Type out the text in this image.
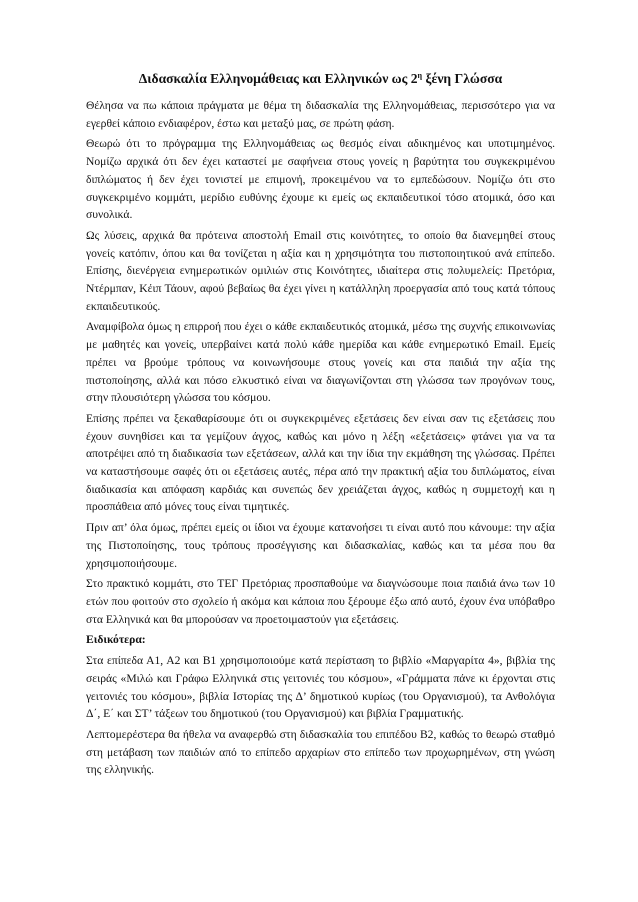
Διδασκαλία Ελληνομάθειας και Ελληνικών ως $2^\eta$ ξένη Γλώσσα

Θέλησα να πω κάποια πράγματα με θέμα τη διδασκαλία της Ελληνομάθειας, περισσότερο για να εγερθεί κάποιο ενδιαφέρον, έστω και μεταξύ μας, σε πρώτη φάση.

Θεωρώ ότι το πρόγραμμα της Ελληνομάθειας ως θεσμός είναι αδικημένος και υποτιμημένος. Νομίζω αρχικά ότι δεν έχει καταστεί με σαφήνεια στους γονείς η βαρύτητα του συγκεκριμένου διπλώματος ή δεν έχει τονιστεί με επιμονή, προκειμένου να το εμπεδώσουν. Νομίζω ότι στο συγκεκριμένο κομμάτι, μερίδιο ευθύνης έχουμε κι εμείς ως εκπαιδευτικοί τόσο ατομικά, όσο και συνολικά.

Ως λύσεις, αρχικά θα πρότεινα αποστολή Email στις κοινότητες, το οποίο θα διανεμηθεί στους γονείς κατόπιν, όπου και θα τονίζεται η αξία και η χρησιμότητα του πιστοποιητικού ανά επίπεδο. Επίσης, διενέργεια ενημερωτικών ομιλιών στις Κοινότητες, ιδιαίτερα στις πολυμελείς: Πρετόρια, Ντέρμπαν, Κέιπ Τάουν, αφού βεβαίως θα έχει γίνει η κατάλληλη προεργασία από τους κατά τόπους εκπαιδευτικούς.

Αναμφίβολα όμως η επιρροή που έχει ο κάθε εκπαιδευτικός ατομικά, μέσω της συχνής επικοινωνίας με μαθητές και γονείς, υπερβαίνει κατά πολύ κάθε ημερίδα και κάθε ενημερωτικό Email. Εμείς πρέπει να βρούμε τρόπους να κοινωνήσουμε στους γονείς και στα παιδιά την αξία της πιστοποίησης, αλλά και πόσο ελκυστικό είναι να διαγωνίζονται στη γλώσσα των προγόνων τους, στην πλουσιότερη γλώσσα του κόσμου.

Επίσης πρέπει να ξεκαθαρίσουμε ότι οι συγκεκριμένες εξετάσεις δεν είναι σαν τις εξετάσεις που έχουν συνηθίσει και τα γεμίζουν άγχος, καθώς και μόνο η λέξη «εξετάσεις» φτάνει για να τα αποτρέψει από τη διαδικασία των εξετάσεων, αλλά και την ίδια την εκμάθηση της γλώσσας. Πρέπει να καταστήσουμε σαφές ότι οι εξετάσεις αυτές, πέρα από την πρακτική αξία του διπλώματος, είναι διαδικασία και απόφαση καρδιάς και συνεπώς δεν χρειάζεται άγχος, καθώς η συμμετοχή και η προσπάθεια από μόνες τους είναι τιμητικές.

Πριν απ’ όλα όμως, πρέπει εμείς οι ίδιοι να έχουμε κατανοήσει τι είναι αυτό που κάνουμε: την αξία της Πιστοποίησης, τους τρόπους προσέγγισης και διδασκαλίας, καθώς και τα μέσα που θα χρησιμοποιήσουμε.

Στο πρακτικό κομμάτι, στο ΤΕΓ Πρετόριας προσπαθούμε να διαγνώσουμε ποια παιδιά άνω των 10 ετών που φοιτούν στο σχολείο ή ακόμα και κάποια που ξέρουμε έξω από αυτό, έχουν ένα υπόβαθρο στα Ελληνικά και θα μπορούσαν να προετοιμαστούν για εξετάσεις.

Ειδικότερα:

Στα επίπεδα Α1, Α2 και Β1 χρησιμοποιούμε κατά περίσταση το βιβλίο «Μαργαρίτα 4», βιβλία της σειράς «Μιλώ και Γράφω Ελληνικά στις γειτονιές του κόσμου», «Γράμματα πάνε κι έρχονται στις γειτονιές του κόσμου», βιβλία Ιστορίας της Δ’ δημοτικού κυρίως (του Οργανισμού), τα Ανθολόγια Δ΄, Ε΄ και ΣΤ’ τάξεων του δημοτικού (του Οργανισμού) και βιβλία Γραμματικής.

Λεπτομερέστερα θα ήθελα να αναφερθώ στη διδασκαλία του επιπέδου Β2, καθώς το θεωρώ σταθμό στη μετάβαση των παιδιών από το επίπεδο αρχαρίων στο επίπεδο των προχωρημένων, στη γνώση της ελληνικής.
